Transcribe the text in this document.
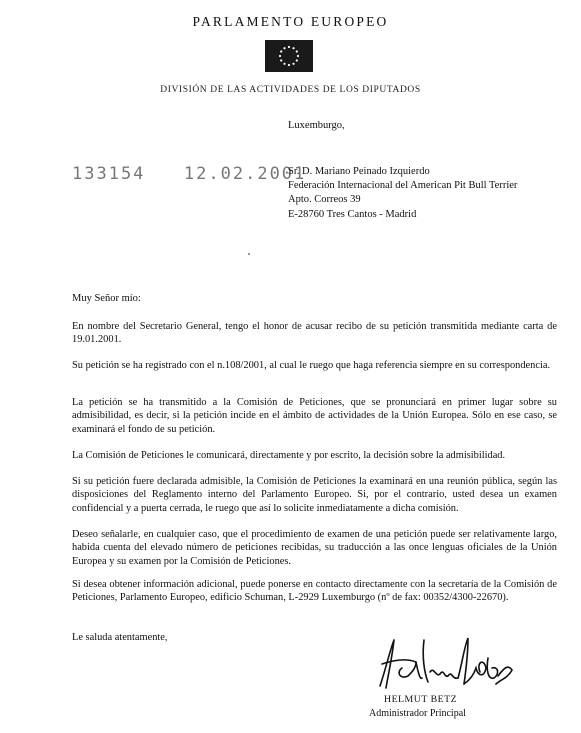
PARLAMENTO EUROPEO
DIVISIÓN DE LAS ACTIVIDADES DE LOS DIPUTADOS
Luxemburgo,
133154 12.02.2001
Sr. D. Mariano Peinado Izquierdo
Federación Internacional del American Pit Bull Terrier
Apto. Correos 39
E-28760 Tres Cantos - Madrid
Muy Señor mío:
En nombre del Secretario General, tengo el honor de acusar recibo de su petición transmitida mediante carta de 19.01.2001.
Su petición se ha registrado con el n.108/2001, al cual le ruego que haga referencia siempre en su correspondencia.
La petición se ha transmitido a la Comisión de Peticiones, que se pronunciará en primer lugar sobre su admisibilidad, es decir, si la petición incide en el ámbito de actividades de la Unión Europea. Sólo en ese caso, se examinará el fondo de su petición.
La Comisión de Peticiones le comunicará, directamente y por escrito, la decisión sobre la admisibilidad.
Si su petición fuere declarada admisible, la Comisión de Peticiones la examinará en una reunión pública, según las disposiciones del Reglamento interno del Parlamento Europeo. Si, por el contrario, usted desea un examen confidencial y a puerta cerrada, le ruego que así lo solicite inmediatamente a dicha comisión.
Deseo señalarle, en cualquier caso, que el procedimiento de examen de una petición puede ser relativamente largo, habida cuenta del elevado número de peticiones recibidas, su traducción a las once lenguas oficiales de la Unión Europea y su examen por la Comisión de Peticiones.
Si desea obtener información adicional, puede ponerse en contacto directamente con la secretaría de la Comisión de Peticiones, Parlamento Europeo, edificio Schuman, L-2929 Luxemburgo (nº de fax: 00352/4300-22670).
Le saluda atentamente,
HELMUT BETZ
Administrador Principal
